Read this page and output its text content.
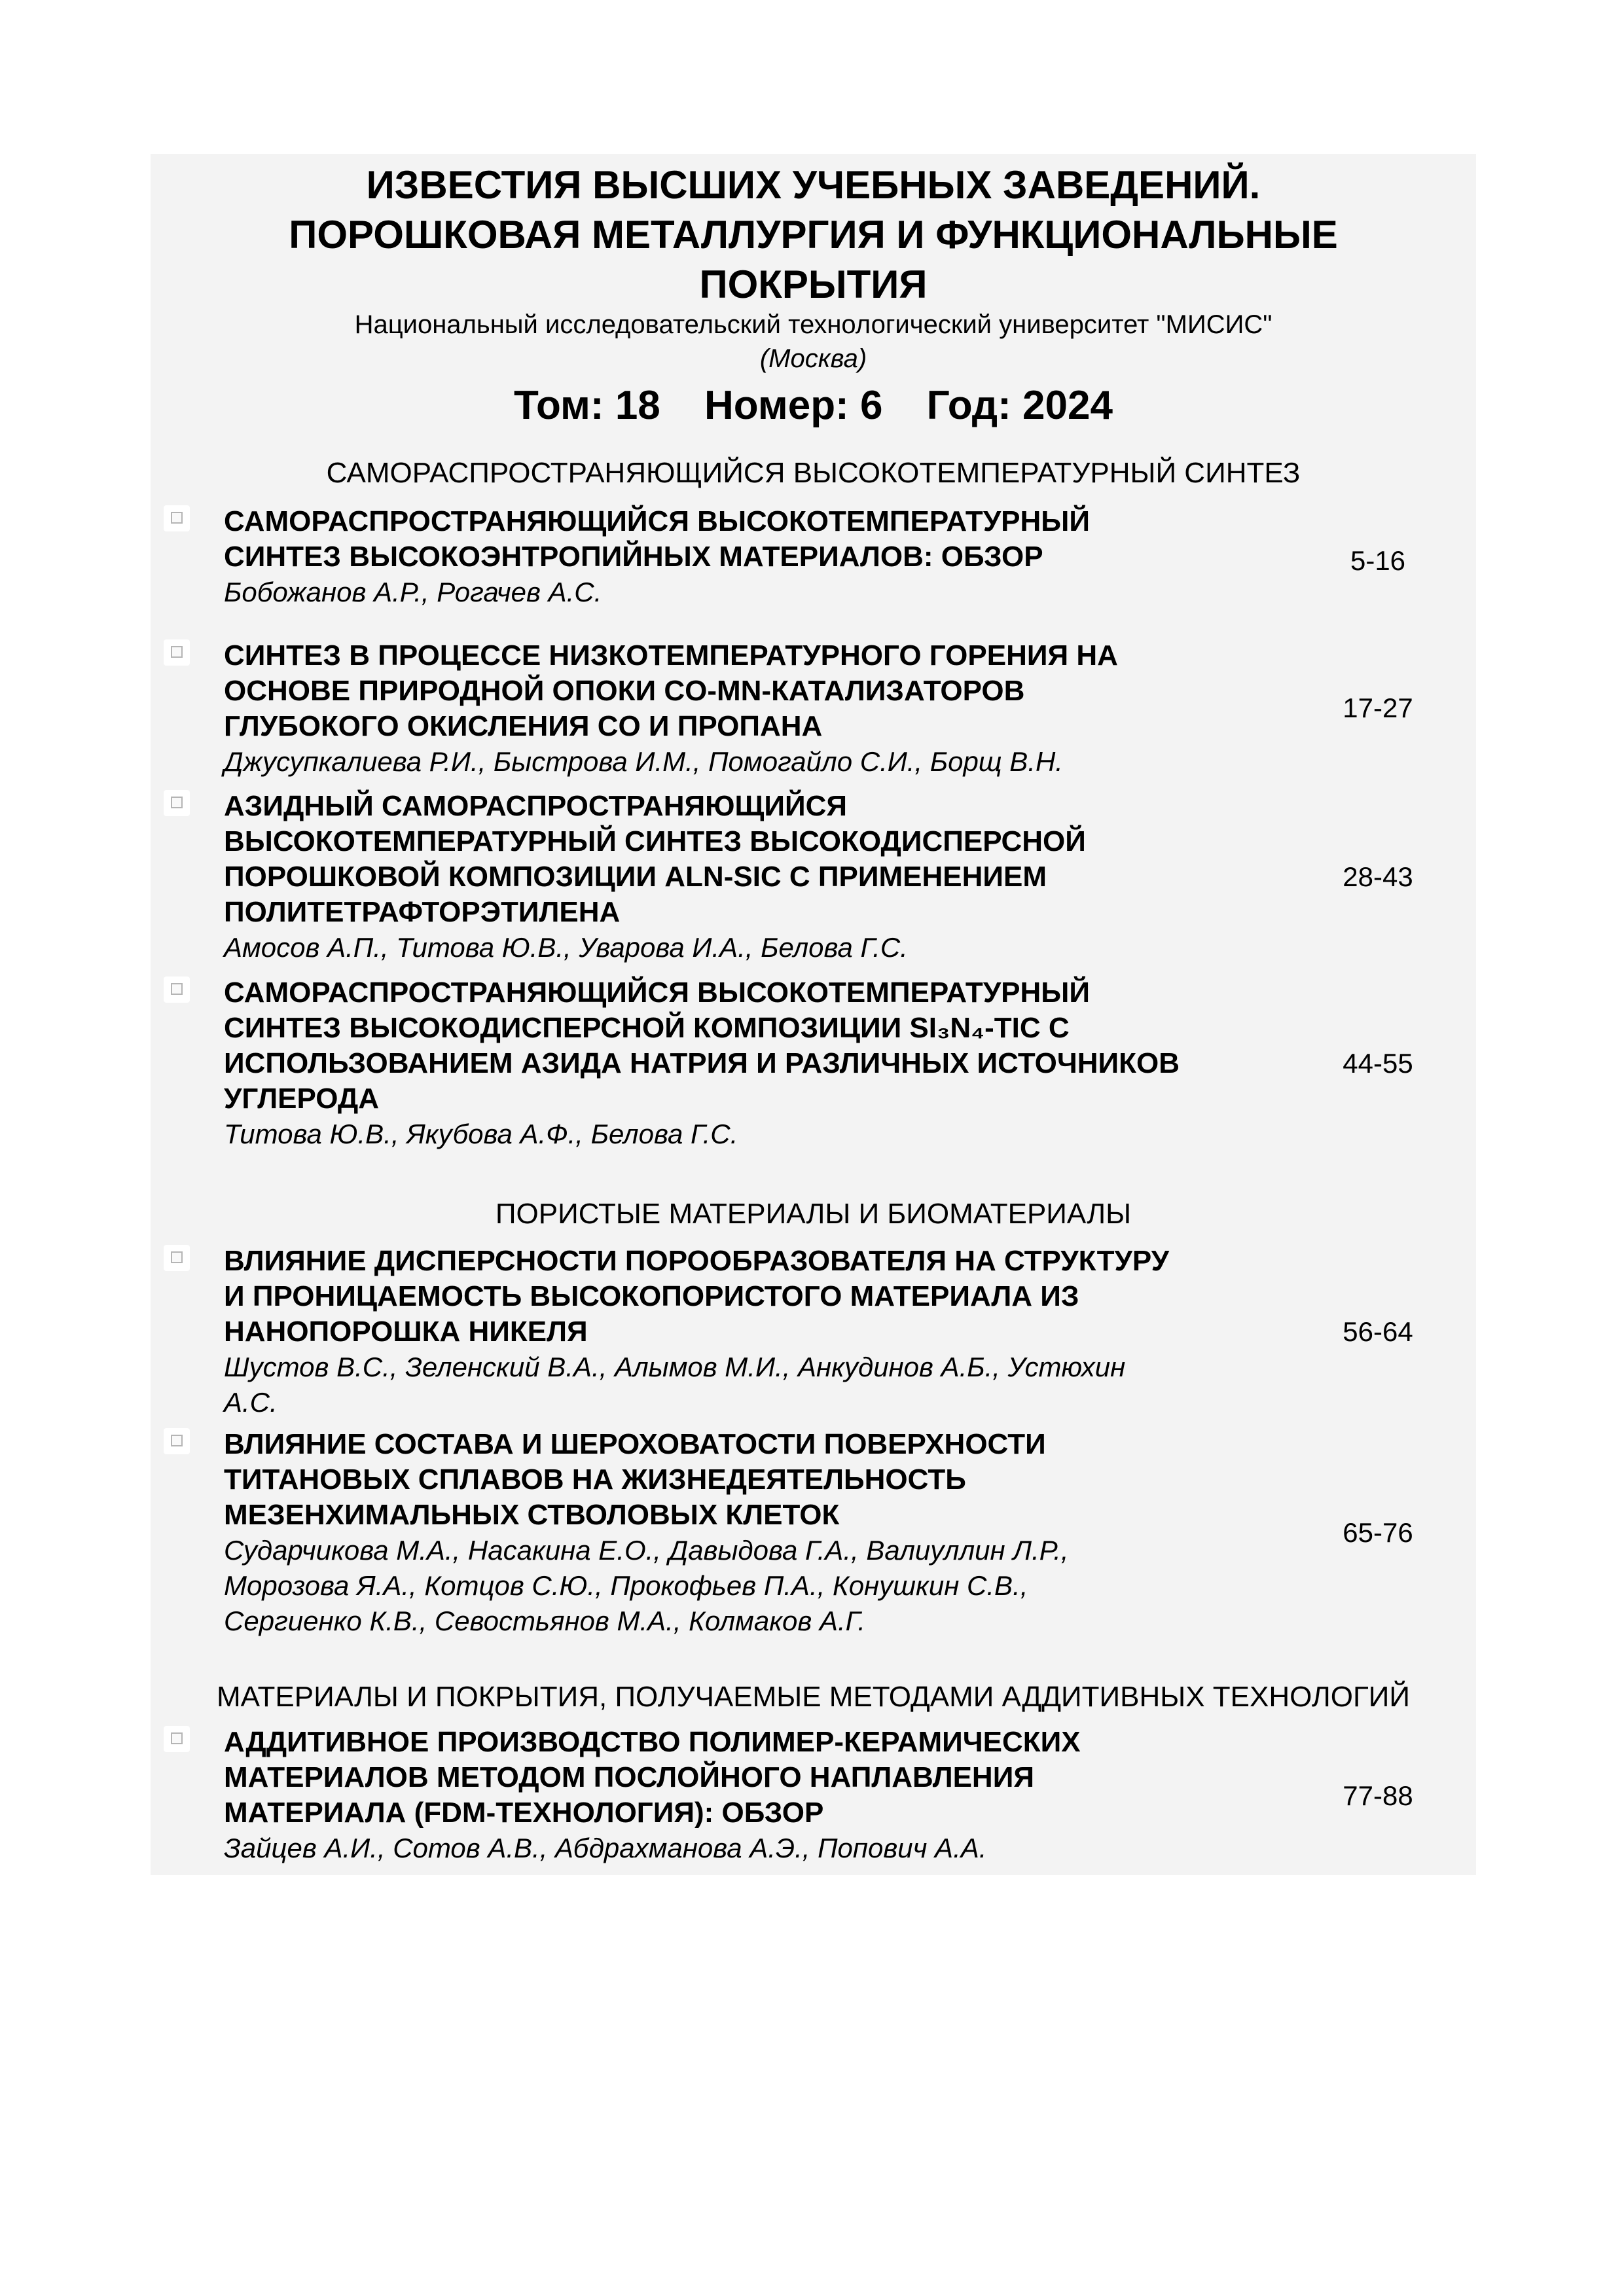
ИЗВЕСТИЯ ВЫСШИХ УЧЕБНЫХ ЗАВЕДЕНИЙ.
ПОРОШКОВАЯ МЕТАЛЛУРГИЯ И ФУНКЦИОНАЛЬНЫЕ
ПОКРЫТИЯ
Национальный исследовательский технологический университет "МИСИС"
(Москва)
Том: 18 Номер: 6 Год: 2024
САМОРАСПРОСТРАНЯЮЩИЙСЯ ВЫСОКОТЕМПЕРАТУРНЫЙ СИНТЕЗ
САМОРАСПРОСТРАНЯЮЩИЙСЯ ВЫСОКОТЕМПЕРАТУРНЫЙ
СИНТЕЗ ВЫСОКОЭНТРОПИЙНЫХ МАТЕРИАЛОВ: ОБЗОР
Бобожанов А.Р., Рогачев А.С.
5-16
СИНТЕЗ В ПРОЦЕССЕ НИЗКОТЕМПЕРАТУРНОГО ГОРЕНИЯ НА
ОСНОВЕ ПРИРОДНОЙ ОПОКИ CO-MN-КАТАЛИЗАТОРОВ
ГЛУБОКОГО ОКИСЛЕНИЯ CO И ПРОПАНА
Джусупкалиева Р.И., Быстрова И.М., Помогайло С.И., Борщ В.Н.
17-27
АЗИДНЫЙ САМОРАСПРОСТРАНЯЮЩИЙСЯ
ВЫСОКОТЕМПЕРАТУРНЫЙ СИНТЕЗ ВЫСОКОДИСПЕРСНОЙ
ПОРОШКОВОЙ КОМПОЗИЦИИ ALN-SIC С ПРИМЕНЕНИЕМ
ПОЛИТЕТРАФТОРЭТИЛЕНА
Амосов А.П., Титова Ю.В., Уварова И.А., Белова Г.С.
28-43
САМОРАСПРОСТРАНЯЮЩИЙСЯ ВЫСОКОТЕМПЕРАТУРНЫЙ
СИНТЕЗ ВЫСОКОДИСПЕРСНОЙ КОМПОЗИЦИИ SI₃N₄-TIC С
ИСПОЛЬЗОВАНИЕМ АЗИДА НАТРИЯ И РАЗЛИЧНЫХ ИСТОЧНИКОВ
УГЛЕРОДА
Титова Ю.В., Якубова А.Ф., Белова Г.С.
44-55
ПОРИСТЫЕ МАТЕРИАЛЫ И БИОМАТЕРИАЛЫ
ВЛИЯНИЕ ДИСПЕРСНОСТИ ПОРООБРАЗОВАТЕЛЯ НА СТРУКТУРУ
И ПРОНИЦАЕМОСТЬ ВЫСОКОПОРИСТОГО МАТЕРИАЛА ИЗ
НАНОПОРОШКА НИКЕЛЯ
Шустов В.С., Зеленский В.А., Алымов М.И., Анкудинов А.Б., Устюхин
А.С.
56-64
ВЛИЯНИЕ СОСТАВА И ШЕРОХОВАТОСТИ ПОВЕРХНОСТИ
ТИТАНОВЫХ СПЛАВОВ НА ЖИЗНЕДЕЯТЕЛЬНОСТЬ
МЕЗЕНХИМАЛЬНЫХ СТВОЛОВЫХ КЛЕТОК
Сударчикова М.А., Насакина Е.О., Давыдова Г.А., Валиуллин Л.Р.,
Морозова Я.А., Котцов С.Ю., Прокофьев П.А., Конушкин С.В.,
Сергиенко К.В., Севостьянов М.А., Колмаков А.Г.
65-76
МАТЕРИАЛЫ И ПОКРЫТИЯ, ПОЛУЧАЕМЫЕ МЕТОДАМИ АДДИТИВНЫХ ТЕХНОЛОГИЙ
АДДИТИВНОЕ ПРОИЗВОДСТВО ПОЛИМЕР-КЕРАМИЧЕСКИХ
МАТЕРИАЛОВ МЕТОДОМ ПОСЛОЙНОГО НАПЛАВЛЕНИЯ
МАТЕРИАЛА (FDM-ТЕХНОЛОГИЯ): ОБЗОР
Зайцев А.И., Сотов А.В., Абдрахманова А.Э., Попович А.А.
77-88
